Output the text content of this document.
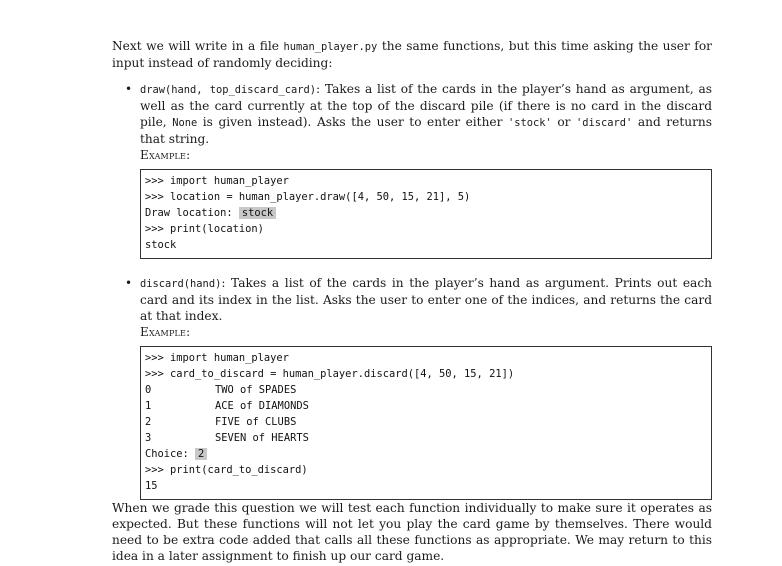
Next we will write in a file human_player.py the same functions, but this time asking the user for input instead of randomly deciding:

• draw(hand, top_discard_card): Takes a list of the cards in the player’s hand as argument, as well as the card currently at the top of the discard pile (if there is no card in the discard pile, None is given instead). Asks the user to enter either 'stock' or 'discard' and returns that string.

Example:

>>> import human_player
>>> location = human_player.draw([4, 50, 15, 21], 5)
Draw location: stock
>>> print(location)
stock
• discard(hand): Takes a list of the cards in the player’s hand as argument. Prints out each card and its index in the list. Asks the user to enter one of the indices, and returns the card at that index.

Example:

>>> import human_player
>>> card_to_discard = human_player.discard([4, 50, 15, 21])
0	TWO of SPADES
1	ACE of DIAMONDS
2	FIVE of CLUBS
3	SEVEN of HEARTS
Choice: 2
>>> print(card_to_discard)
15

When we grade this question we will test each function individually to make sure it operates as expected. But these functions will not let you play the card game by themselves. There would need to be extra code added that calls all these functions as appropriate. We may return to this idea in a later assignment to finish up our card game.
